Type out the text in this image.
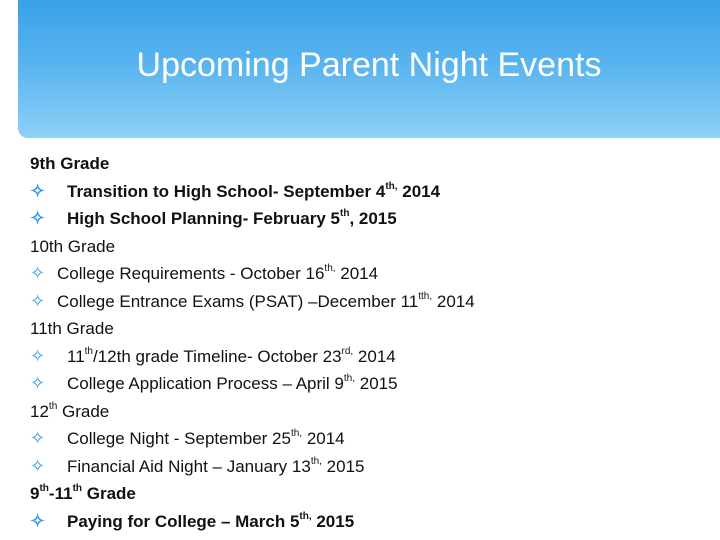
Upcoming Parent Night Events
9th Grade
✧ Transition to High School- September $4^{th,}$ 2014
✧ High School Planning- February 5th, 2015
10th Grade
✧ College Requirements - October $16^{th,}$ 2014
✧ College Entrance Exams (PSAT) –December $11^{tth,}$ 2014
11th Grade
✧ 11th/12th grade Timeline- October $23^{rd,}$ 2014
✧ College Application Process – April $9^{th,}$ 2015
12th Grade
✧ College Night - September $25^{th,}$ 2014
✧ Financial Aid Night – January $13^{th,}$ 2015
9th-11th Grade
✧ Paying for College – March $5^{th,}$ 2015
